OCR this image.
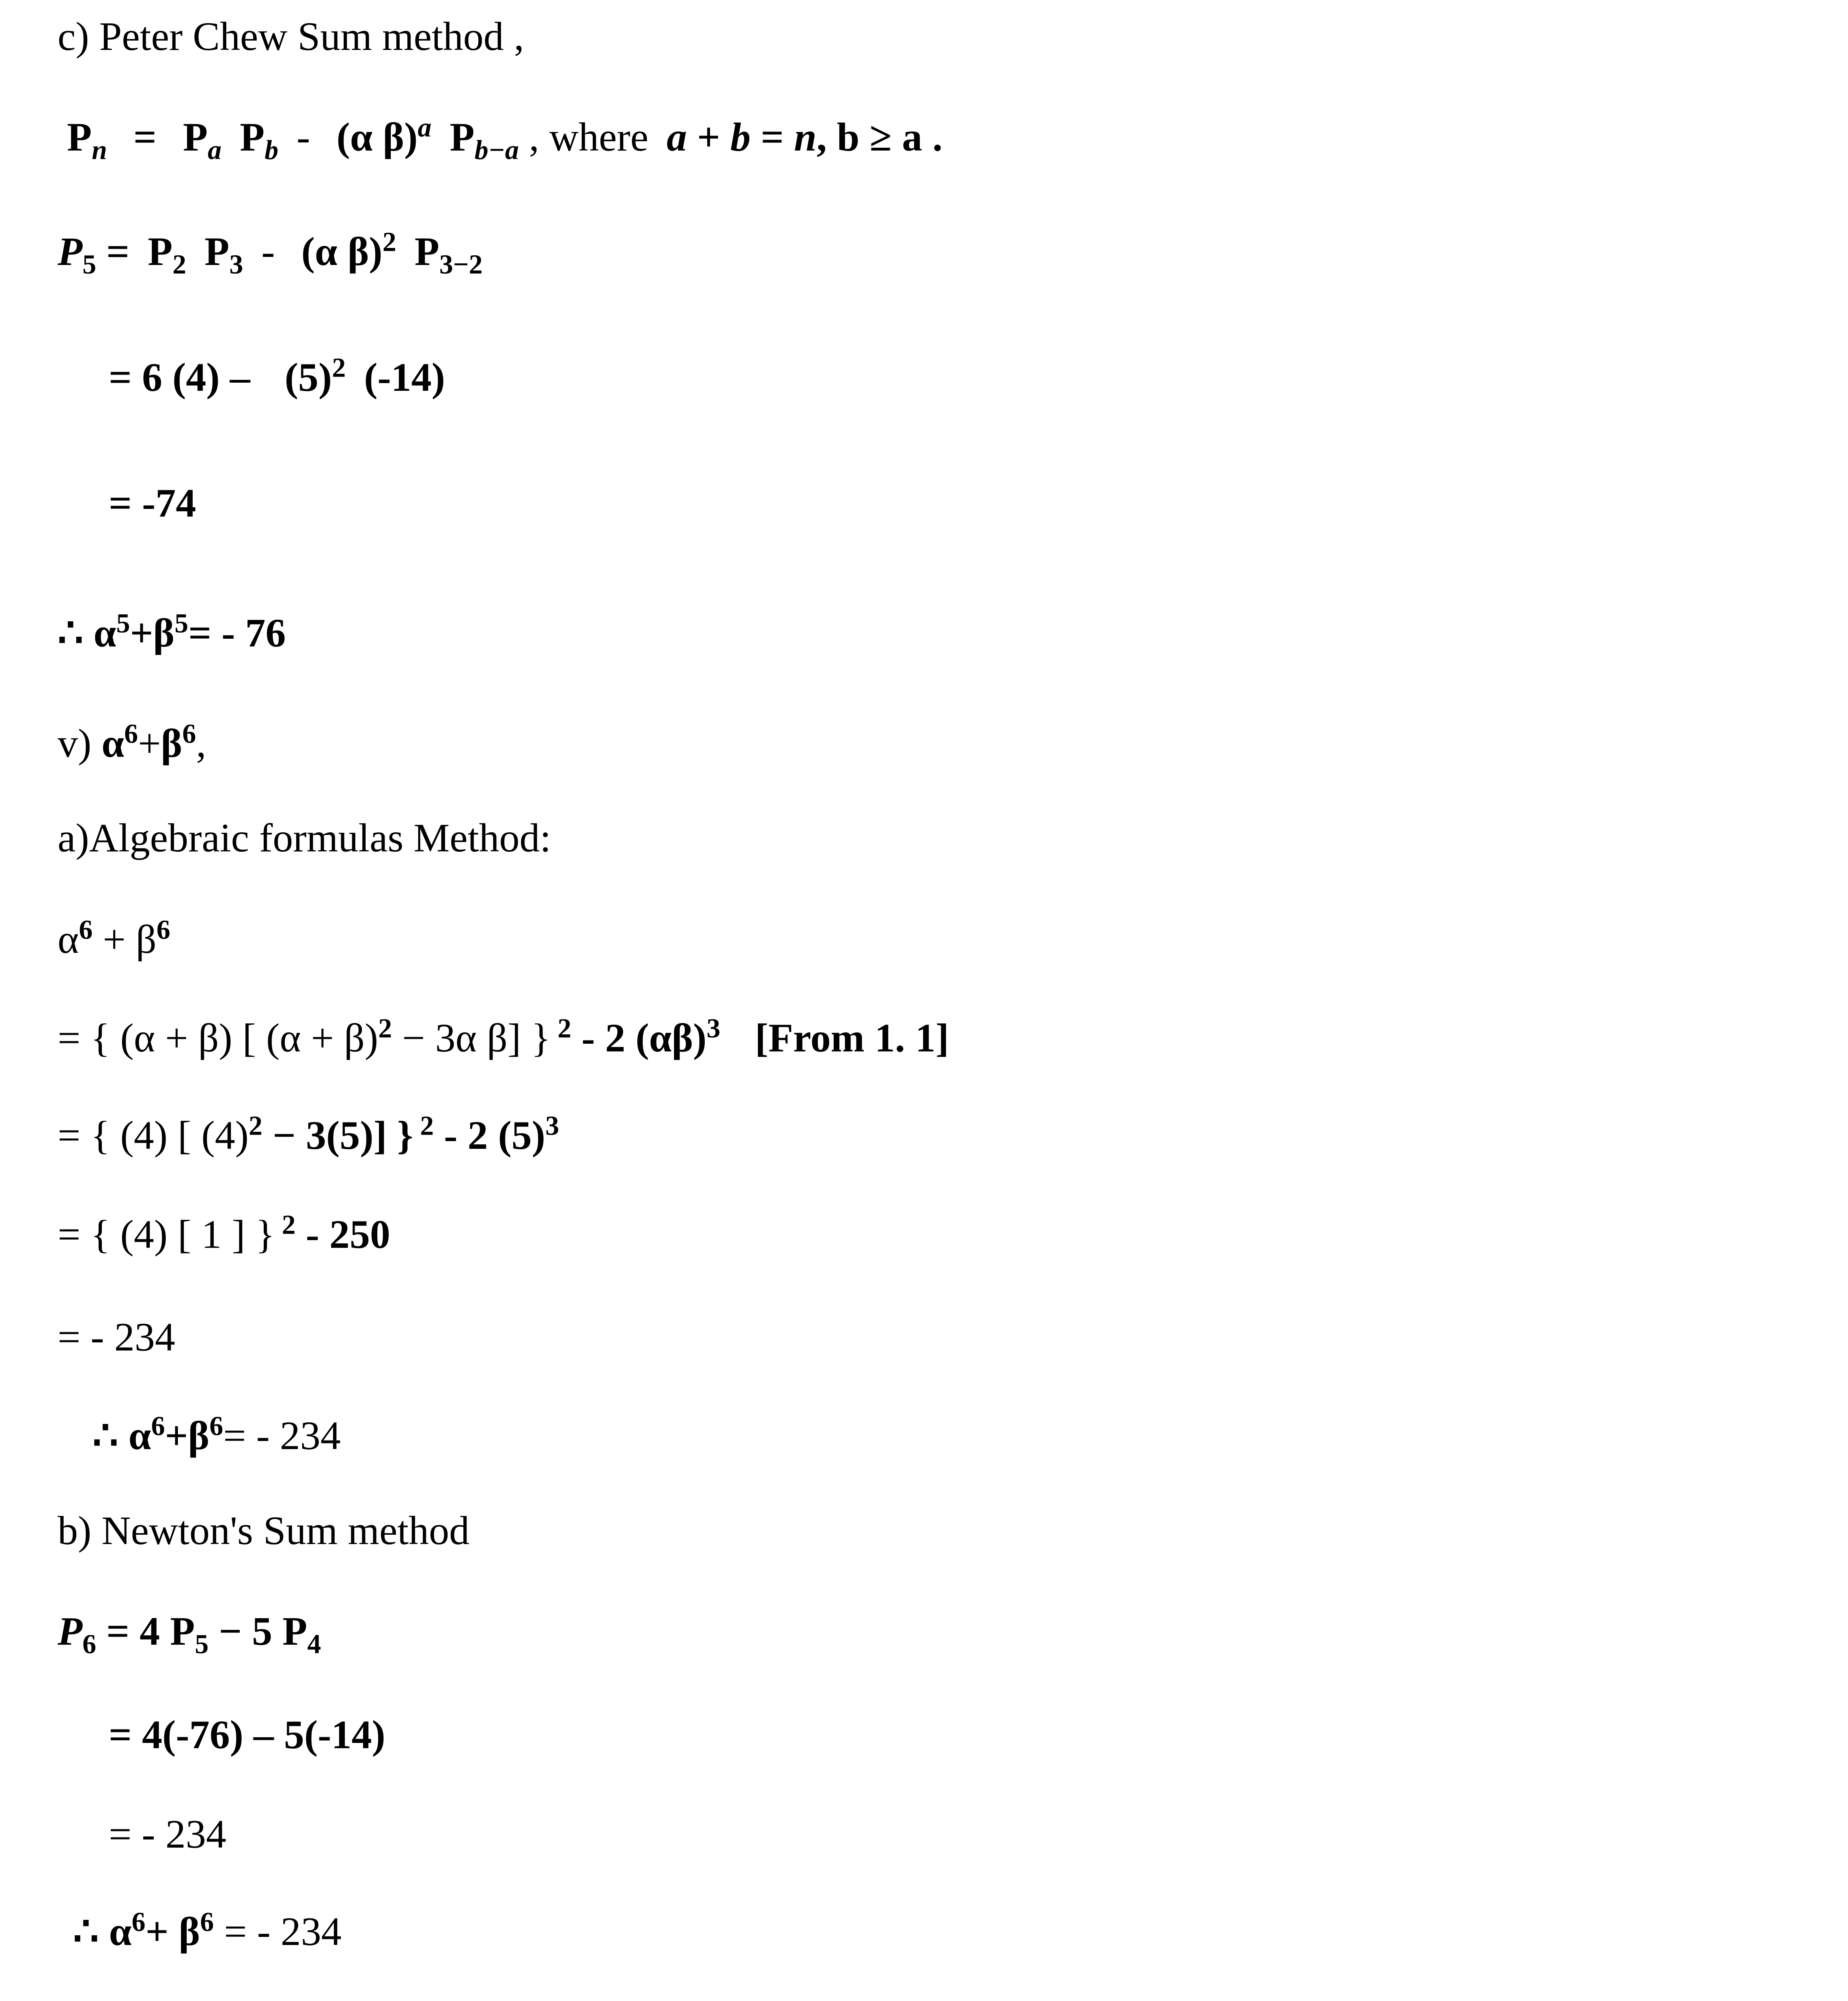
c) Peter Chew Sum method ,
$P_n = P_a$ $P_b - (\alpha$ β)$^a$ $P_{b-a}$ , where a + b = n, b ≥ a .
$P_5 = P_2$ $P_3 - (\alpha$ β)$^2$ $P_{3-2}$
= 6 $(4) - (5)^2$ (-14)
= -74
∴ $\alpha^5+\beta^5= - 76$
v) $\alpha^6+\beta^6$,
a)Algebraic formulas Method:
$\alpha^6 + \beta^6$
= { (α + β) [ $(\alpha + \beta)^2 - 3\alpha$ β] } $^2$ - 2 $(\alpha\beta)^3$ [From 1. 1]
= { (4) [ $(4)^2 - 3(5)$] } $^2$ - 2 $(5)^3$
= { (4) [ 1 ] } $^2$ - 250
= - 234
∴ $\alpha^6+\beta^6= - 234$
b) Newton's Sum method
$P_6 = 4$ $P_5 - 5$ $P_4$
= 4(-76) – 5(-14)
= - 234
∴ $\alpha^6+ \beta^6$ = - 234
